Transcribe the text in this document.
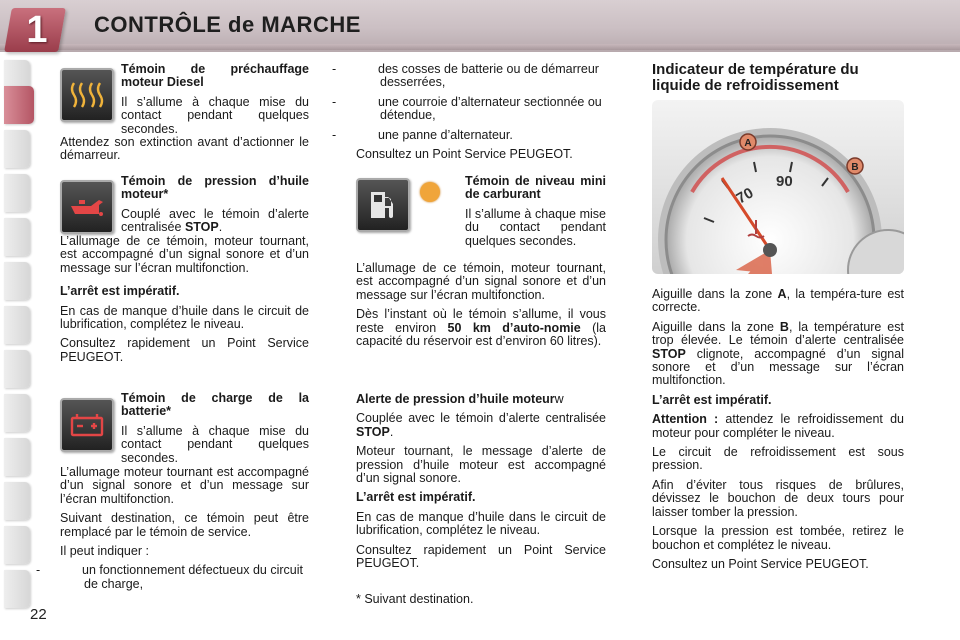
1	CONTRÔLE de MARCHE
22

Témoin de préchauffage moteur Diesel

Il s’allume à chaque mise du contact pendant quelques secondes.

Attendez son extinction avant d’actionner le démarreur.

Témoin de pression d’huile moteur*

Couplé avec le témoin d’alerte centralisée STOP.

L’allumage de ce témoin, moteur tournant, est accompagné d’un signal sonore et d’un message sur l’écran multifonction.

L’arrêt est impératif.

En cas de manque d’huile dans le circuit de lubrification, complétez le niveau.

Consultez rapidement un Point Service PEUGEOT.

Témoin de charge de la batterie*

Il s’allume à chaque mise du contact pendant quelques secondes.

L’allumage moteur tournant est accompagné d’un signal sonore et d’un message sur l’écran multifonction.

Suivant destination, ce témoin peut être remplacé par le témoin de service.

Il peut indiquer :

-	un fonctionnement défectueux du circuit de charge,

-	des cosses de batterie ou de démarreur desserrées,

-	une courroie d’alternateur sectionnée ou détendue,

-	une panne d’alternateur.

Consultez un Point Service PEUGEOT.

Témoin de niveau mini de carburant

Il s’allume à chaque mise du contact pendant quelques secondes.

L’allumage de ce témoin, moteur tournant, est accompagné d’un signal sonore et d’un message sur l’écran multifonction.

Dès l’instant où le témoin s’allume, il vous reste environ 50 km d’auto-nomie (la capacité du réservoir est d’environ 60 litres).

Alerte de pression d’huile moteurw

Couplée avec le témoin d’alerte centralisée STOP.

Moteur tournant, le message d’alerte de pression d’huile moteur est accompagné d’un signal sonore.

L’arrêt est impératif.

En cas de manque d’huile dans le circuit de lubrification, complétez le niveau.

Consultez rapidement un Point Service PEUGEOT.

* Suivant destination.

Indicateur de température du liquide de refroidissement
A
B
70
90

Aiguille dans la zone A, la tempéra-ture est correcte.

Aiguille dans la zone B, la température est trop élevée. Le témoin d’alerte centralisée STOP clignote, accompagné d’un signal sonore et d’un message sur l’écran multifonction.

L’arrêt est impératif.

Attention : attendez le refroidissement du moteur pour compléter le niveau.

Le circuit de refroidissement est sous pression.

Afin d’éviter tous risques de brûlures, dévissez le bouchon de deux tours pour laisser tomber la pression.

Lorsque la pression est tombée, retirez le bouchon et complétez le niveau.

Consultez un Point Service PEUGEOT.
